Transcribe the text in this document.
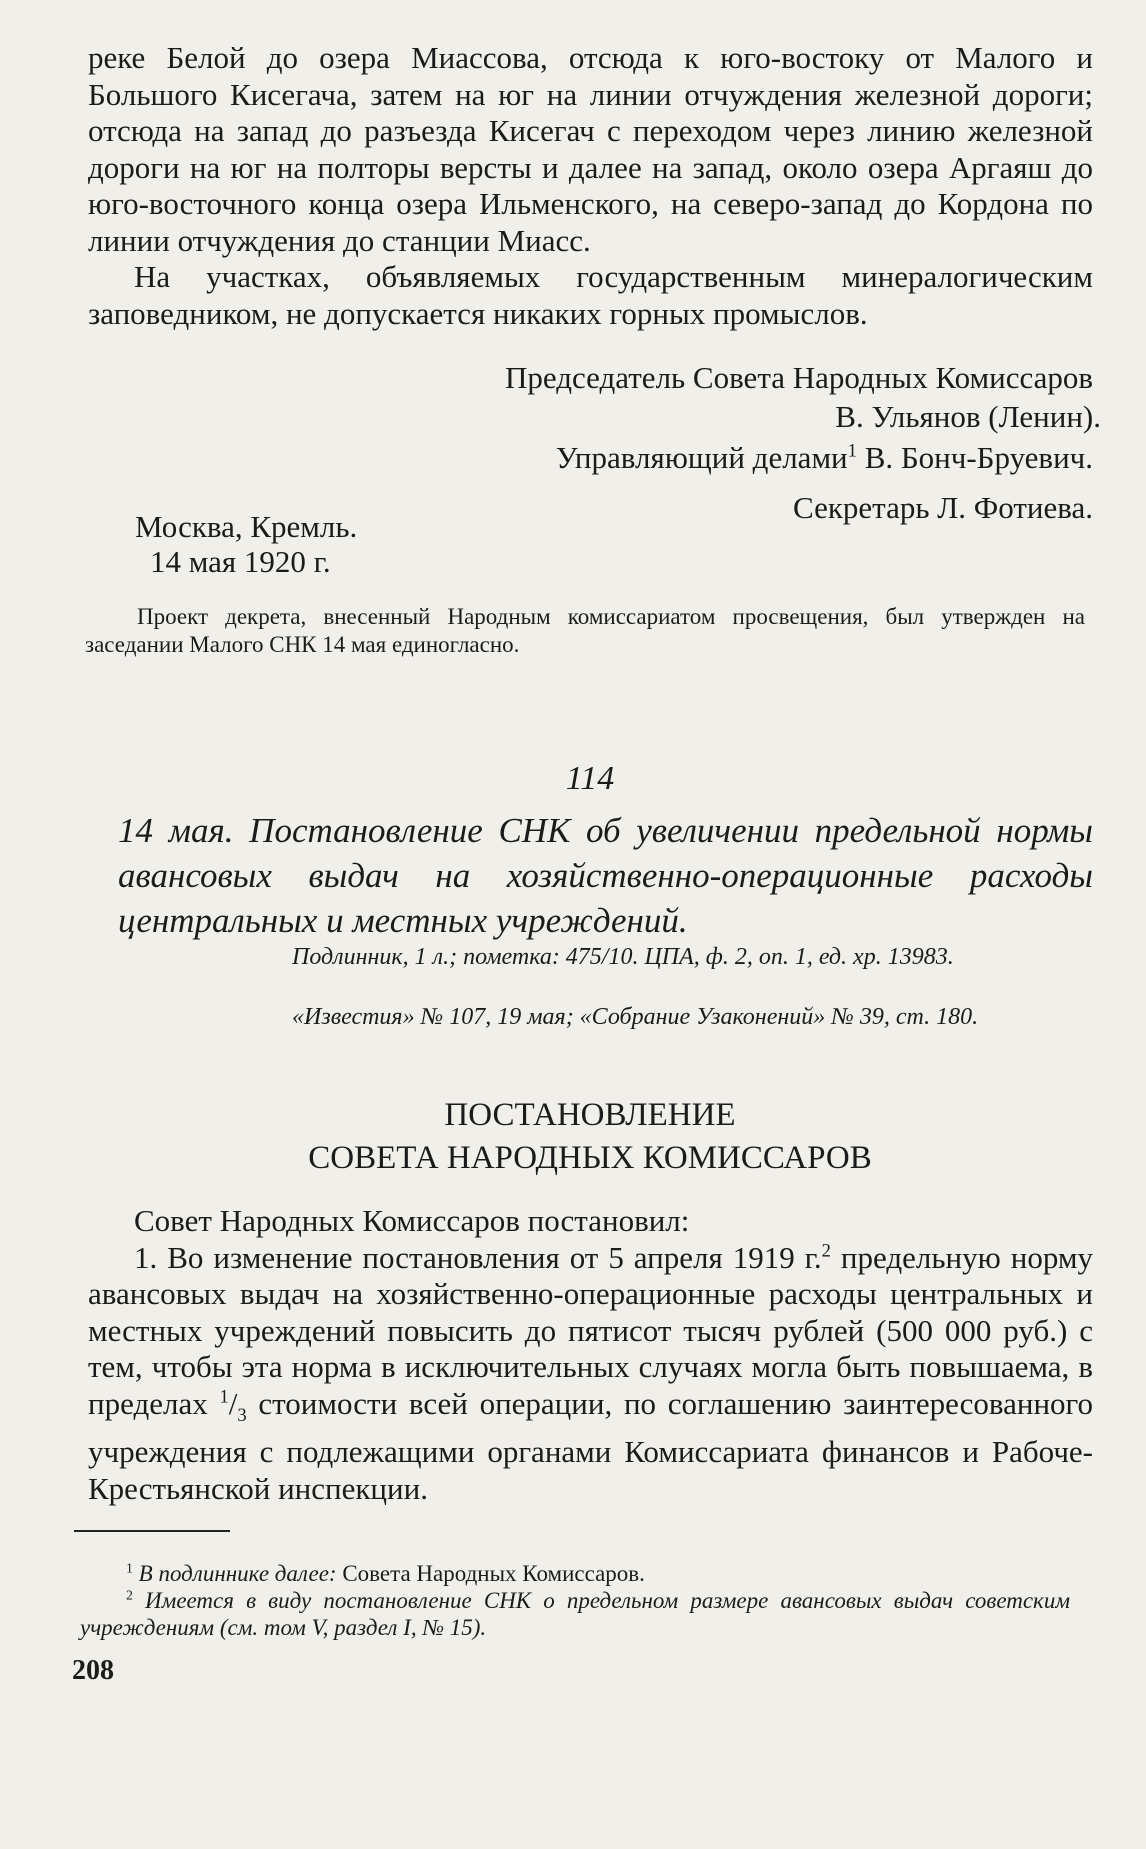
реке Белой до озера Миассова, отсюда к юго-востоку от Малого и Большого Кисегача, затем на юг на линии отчуждения железной дороги; отсюда на запад до разъезда Кисегач с переходом через линию железной дороги на юг на полторы версты и далее на запад, около озера Аргаяш до юго-восточного конца озера Ильменского, на северо-запад до Кордона по линии отчуждения до станции Миасс.

На участках, объявляемых государственным минералогическим заповедником, не допускается никаких горных промыслов.

Председатель Совета Народных Комиссаров
В. Ульянов (Ленин).
Управляющий делами$^1$ В. Бонч-Бруевич.
Секретарь Л. Фотиева.
Москва, Кремль.
14 мая 1920 г.
Проект декрета, внесенный Народным комиссариатом просвещения, был утвержден на заседании Малого СНК 14 мая единогласно.
114
14 мая. Постановление СНК об увеличении предельной нормы авансовых выдач на хозяйственно-операционные расходы центральных и местных учреждений.
Подлинник, 1 л.; пометка: 475/10. ЦПА, ф. 2, оп. 1, ед. хр. 13983.
«Известия» № 107, 19 мая; «Собрание Узаконений» № 39, ст. 180.
ПОСТАНОВЛЕНИЕ
СОВЕТА НАРОДНЫХ КОМИССАРОВ

Совет Народных Комиссаров постановил:

1. Во изменение постановления от 5 апреля 1919 г.$^2$ предельную норму авансовых выдач на хозяйственно-операционные расходы центральных и местных учреждений повысить до пятисот тысяч рублей (500 000 руб.) с тем, чтобы эта норма в исключительных случаях могла быть повышаема, в пределах $^1/_3$ стоимости всей операции, по соглашению заинтересованного учреждения с подлежащими органами Комиссариата финансов и Рабоче-Крестьянской инспекции.

$^1$ В подлиннике далее: Совета Народных Комиссаров.
$^2$ Имеется в виду постановление СНК о предельном размере авансовых выдач советским учреждениям (см. том V, раздел I, № 15).
208
